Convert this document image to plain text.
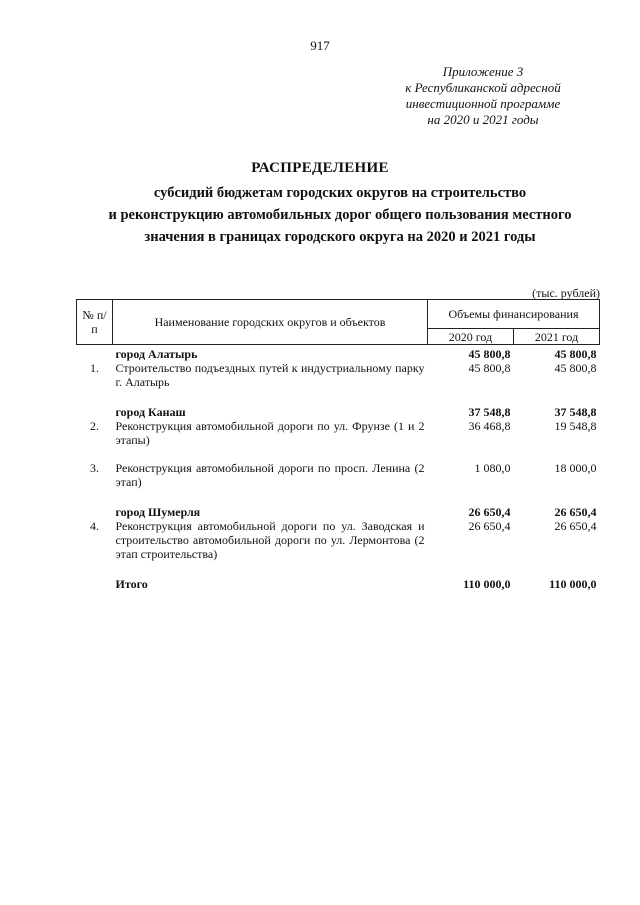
917
Приложение 3
к Республиканской адресной
инвестиционной программе
на 2020 и 2021 годы
РАСПРЕДЕЛЕНИЕ
субсидий бюджетам городских округов на строительство
и реконструкцию автомобильных дорог общего пользования местного
значения в границах городского округа на 2020 и 2021 годы
(тыс. рублей)
№ п/п	Наименование городских округов и объектов	Объемы финансирования	
		2020 год	2021 год
	город Алатырь	45 800,8	45 800,8
1.	Строительство подъездных путей к индустриальному парку г. Алатырь	45 800,8	45 800,8

	город Канаш	37 548,8	37 548,8
2.	Реконструкция автомобильной дороги по ул. Фрунзе (1 и 2 этапы)	36 468,8	19 548,8

3.	Реконструкция автомобильной дороги по просп. Ленина (2 этап)	1 080,0	18 000,0

	город Шумерля	26 650,4	26 650,4
4.	Реконструкция автомобильной дороги по ул. Заводская и строительство автомобильной дороги по ул. Лермонтова (2 этап строительства)	26 650,4	26 650,4

	Итого	110 000,0	110 000,0
